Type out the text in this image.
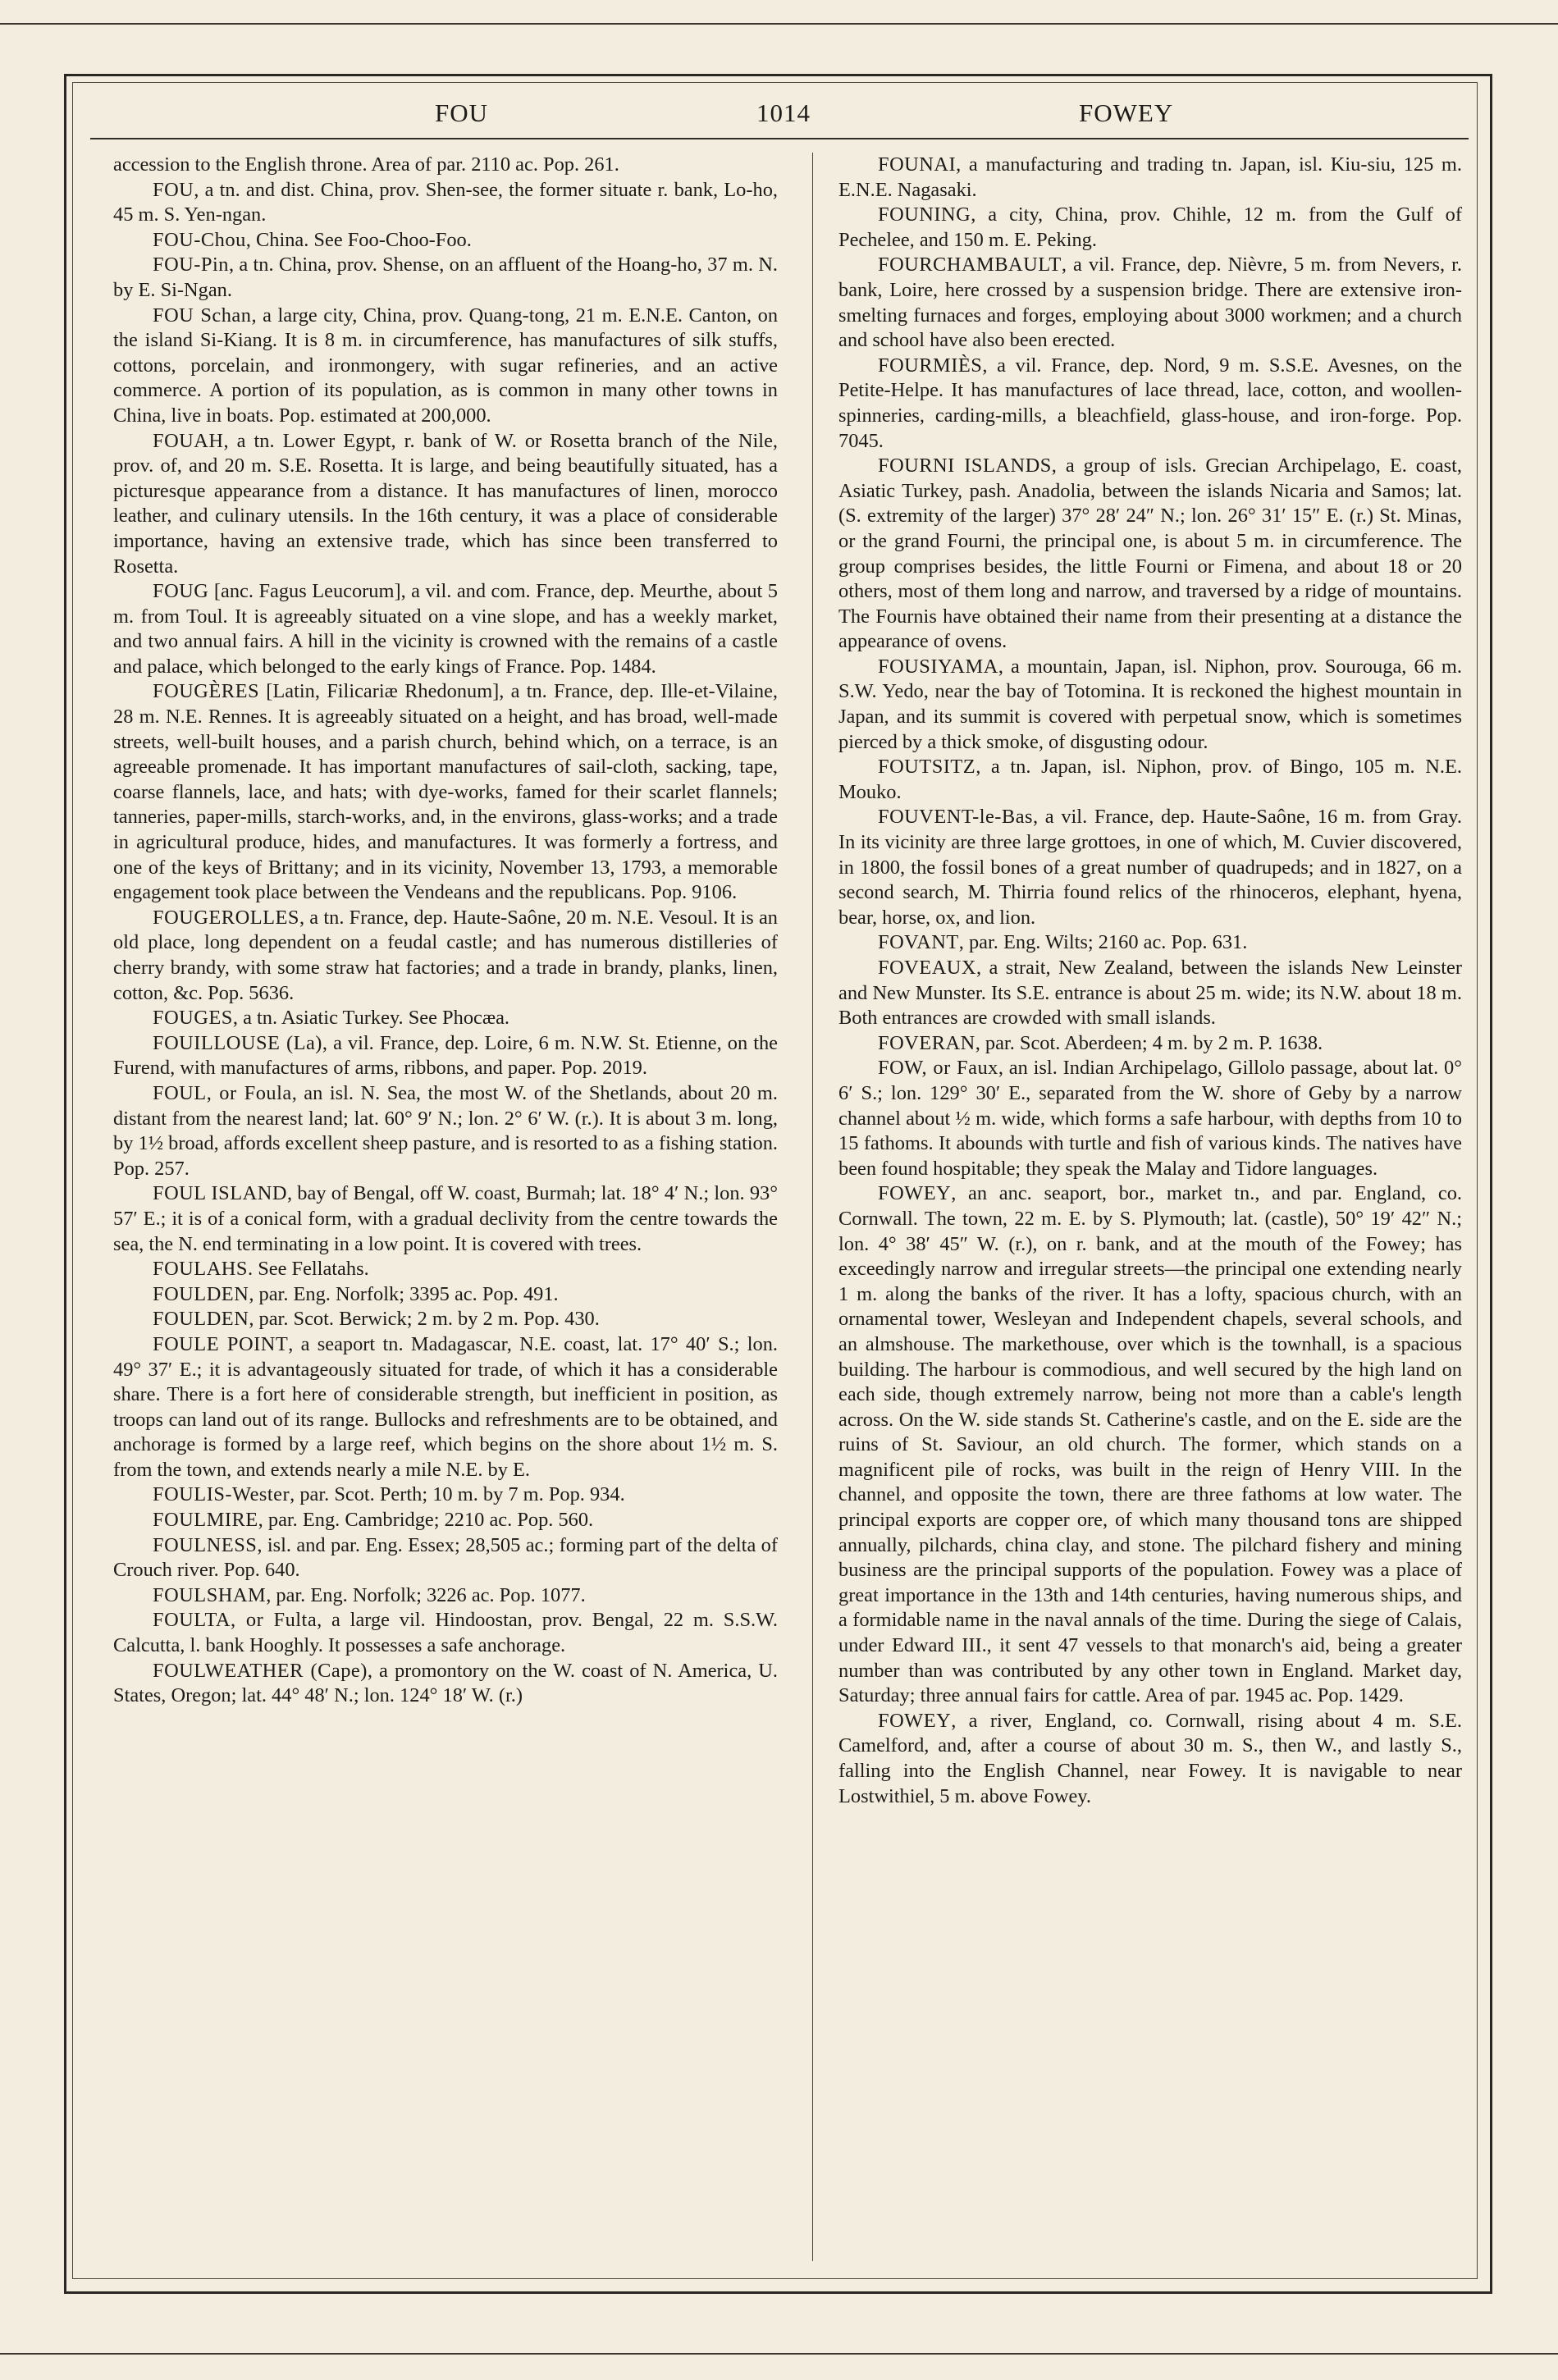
FOU	1014	FOWEY

accession to the English throne. Area of par. 2110 ac. Pop. 261.

FOU, a tn. and dist. China, prov. Shen-see, the former situate r. bank, Lo-ho, 45 m. S. Yen-ngan.

FOU-Chou, China. See Foo-Choo-Foo.

FOU-Pin, a tn. China, prov. Shense, on an affluent of the Hoang-ho, 37 m. N. by E. Si-Ngan.

FOU Schan, a large city, China, prov. Quang-tong, 21 m. E.N.E. Canton, on the island Si-Kiang. It is 8 m. in circumference, has manufactures of silk stuffs, cottons, porcelain, and ironmongery, with sugar refineries, and an active commerce. A portion of its population, as is common in many other towns in China, live in boats. Pop. estimated at 200,000.

FOUAH, a tn. Lower Egypt, r. bank of W. or Rosetta branch of the Nile, prov. of, and 20 m. S.E. Rosetta. It is large, and being beautifully situated, has a picturesque appearance from a distance. It has manufactures of linen, morocco leather, and culinary utensils. In the 16th century, it was a place of considerable importance, having an extensive trade, which has since been transferred to Rosetta.

FOUG [anc. Fagus Leucorum], a vil. and com. France, dep. Meurthe, about 5 m. from Toul. It is agreeably situated on a vine slope, and has a weekly market, and two annual fairs. A hill in the vicinity is crowned with the remains of a castle and palace, which belonged to the early kings of France. Pop. 1484.

FOUGÈRES [Latin, Filicariæ Rhedonum], a tn. France, dep. Ille-et-Vilaine, 28 m. N.E. Rennes. It is agreeably situated on a height, and has broad, well-made streets, well-built houses, and a parish church, behind which, on a terrace, is an agreeable promenade. It has important manufactures of sail-cloth, sacking, tape, coarse flannels, lace, and hats; with dye-works, famed for their scarlet flannels; tanneries, paper-mills, starch-works, and, in the environs, glass-works; and a trade in agricultural produce, hides, and manufactures. It was formerly a fortress, and one of the keys of Brittany; and in its vicinity, November 13, 1793, a memorable engagement took place between the Vendeans and the republicans. Pop. 9106.

FOUGEROLLES, a tn. France, dep. Haute-Saône, 20 m. N.E. Vesoul. It is an old place, long dependent on a feudal castle; and has numerous distilleries of cherry brandy, with some straw hat factories; and a trade in brandy, planks, linen, cotton, &c. Pop. 5636.

FOUGES, a tn. Asiatic Turkey. See Phocæa.

FOUILLOUSE (La), a vil. France, dep. Loire, 6 m. N.W. St. Etienne, on the Furend, with manufactures of arms, ribbons, and paper. Pop. 2019.

FOUL, or Foula, an isl. N. Sea, the most W. of the Shetlands, about 20 m. distant from the nearest land; lat. 60° 9′ N.; lon. 2° 6′ W. (r.). It is about 3 m. long, by 1½ broad, affords excellent sheep pasture, and is resorted to as a fishing station. Pop. 257.

FOUL ISLAND, bay of Bengal, off W. coast, Burmah; lat. 18° 4′ N.; lon. 93° 57′ E.; it is of a conical form, with a gradual declivity from the centre towards the sea, the N. end terminating in a low point. It is covered with trees.

FOULAHS. See Fellatahs.

FOULDEN, par. Eng. Norfolk; 3395 ac. Pop. 491.

FOULDEN, par. Scot. Berwick; 2 m. by 2 m. Pop. 430.

FOULE POINT, a seaport tn. Madagascar, N.E. coast, lat. 17° 40′ S.; lon. 49° 37′ E.; it is advantageously situated for trade, of which it has a considerable share. There is a fort here of considerable strength, but inefficient in position, as troops can land out of its range. Bullocks and refreshments are to be obtained, and anchorage is formed by a large reef, which begins on the shore about 1½ m. S. from the town, and extends nearly a mile N.E. by E.

FOULIS-Wester, par. Scot. Perth; 10 m. by 7 m. Pop. 934.

FOULMIRE, par. Eng. Cambridge; 2210 ac. Pop. 560.

FOULNESS, isl. and par. Eng. Essex; 28,505 ac.; forming part of the delta of Crouch river. Pop. 640.

FOULSHAM, par. Eng. Norfolk; 3226 ac. Pop. 1077.

FOULTA, or Fulta, a large vil. Hindoostan, prov. Bengal, 22 m. S.S.W. Calcutta, l. bank Hooghly. It possesses a safe anchorage.

FOULWEATHER (Cape), a promontory on the W. coast of N. America, U. States, Oregon; lat. 44° 48′ N.; lon. 124° 18′ W. (r.)

FOUNAI, a manufacturing and trading tn. Japan, isl. Kiu-siu, 125 m. E.N.E. Nagasaki.

FOUNING, a city, China, prov. Chihle, 12 m. from the Gulf of Pechelee, and 150 m. E. Peking.

FOURCHAMBAULT, a vil. France, dep. Nièvre, 5 m. from Nevers, r. bank, Loire, here crossed by a suspension bridge. There are extensive iron-smelting furnaces and forges, employing about 3000 workmen; and a church and school have also been erected.

FOURMIÈS, a vil. France, dep. Nord, 9 m. S.S.E. Avesnes, on the Petite-Helpe. It has manufactures of lace thread, lace, cotton, and woollen-spinneries, carding-mills, a bleachfield, glass-house, and iron-forge. Pop. 7045.

FOURNI ISLANDS, a group of isls. Grecian Archipelago, E. coast, Asiatic Turkey, pash. Anadolia, between the islands Nicaria and Samos; lat. (S. extremity of the larger) 37° 28′ 24″ N.; lon. 26° 31′ 15″ E. (r.) St. Minas, or the grand Fourni, the principal one, is about 5 m. in circumference. The group comprises besides, the little Fourni or Fimena, and about 18 or 20 others, most of them long and narrow, and traversed by a ridge of mountains. The Fournis have obtained their name from their presenting at a distance the appearance of ovens.

FOUSIYAMA, a mountain, Japan, isl. Niphon, prov. Sourouga, 66 m. S.W. Yedo, near the bay of Totomina. It is reckoned the highest mountain in Japan, and its summit is covered with perpetual snow, which is sometimes pierced by a thick smoke, of disgusting odour.

FOUTSITZ, a tn. Japan, isl. Niphon, prov. of Bingo, 105 m. N.E. Mouko.

FOUVENT-le-Bas, a vil. France, dep. Haute-Saône, 16 m. from Gray. In its vicinity are three large grottoes, in one of which, M. Cuvier discovered, in 1800, the fossil bones of a great number of quadrupeds; and in 1827, on a second search, M. Thirria found relics of the rhinoceros, elephant, hyena, bear, horse, ox, and lion.

FOVANT, par. Eng. Wilts; 2160 ac. Pop. 631.

FOVEAUX, a strait, New Zealand, between the islands New Leinster and New Munster. Its S.E. entrance is about 25 m. wide; its N.W. about 18 m. Both entrances are crowded with small islands.

FOVERAN, par. Scot. Aberdeen; 4 m. by 2 m. P. 1638.

FOW, or Faux, an isl. Indian Archipelago, Gillolo passage, about lat. 0° 6′ S.; lon. 129° 30′ E., separated from the W. shore of Geby by a narrow channel about ½ m. wide, which forms a safe harbour, with depths from 10 to 15 fathoms. It abounds with turtle and fish of various kinds. The natives have been found hospitable; they speak the Malay and Tidore languages.

FOWEY, an anc. seaport, bor., market tn., and par. England, co. Cornwall. The town, 22 m. E. by S. Plymouth; lat. (castle), 50° 19′ 42″ N.; lon. 4° 38′ 45″ W. (r.), on r. bank, and at the mouth of the Fowey; has exceedingly narrow and irregular streets—the principal one extending nearly 1 m. along the banks of the river. It has a lofty, spacious church, with an ornamental tower, Wesleyan and Independent chapels, several schools, and an almshouse. The markethouse, over which is the townhall, is a spacious building. The harbour is commodious, and well secured by the high land on each side, though extremely narrow, being not more than a cable's length across. On the W. side stands St. Catherine's castle, and on the E. side are the ruins of St. Saviour, an old church. The former, which stands on a magnificent pile of rocks, was built in the reign of Henry VIII. In the channel, and opposite the town, there are three fathoms at low water. The principal exports are copper ore, of which many thousand tons are shipped annually, pilchards, china clay, and stone. The pilchard fishery and mining business are the principal supports of the population. Fowey was a place of great importance in the 13th and 14th centuries, having numerous ships, and a formidable name in the naval annals of the time. During the siege of Calais, under Edward III., it sent 47 vessels to that monarch's aid, being a greater number than was contributed by any other town in England. Market day, Saturday; three annual fairs for cattle. Area of par. 1945 ac. Pop. 1429.

FOWEY, a river, England, co. Cornwall, rising about 4 m. S.E. Camelford, and, after a course of about 30 m. S., then W., and lastly S., falling into the English Channel, near Fowey. It is navigable to near Lostwithiel, 5 m. above Fowey.
